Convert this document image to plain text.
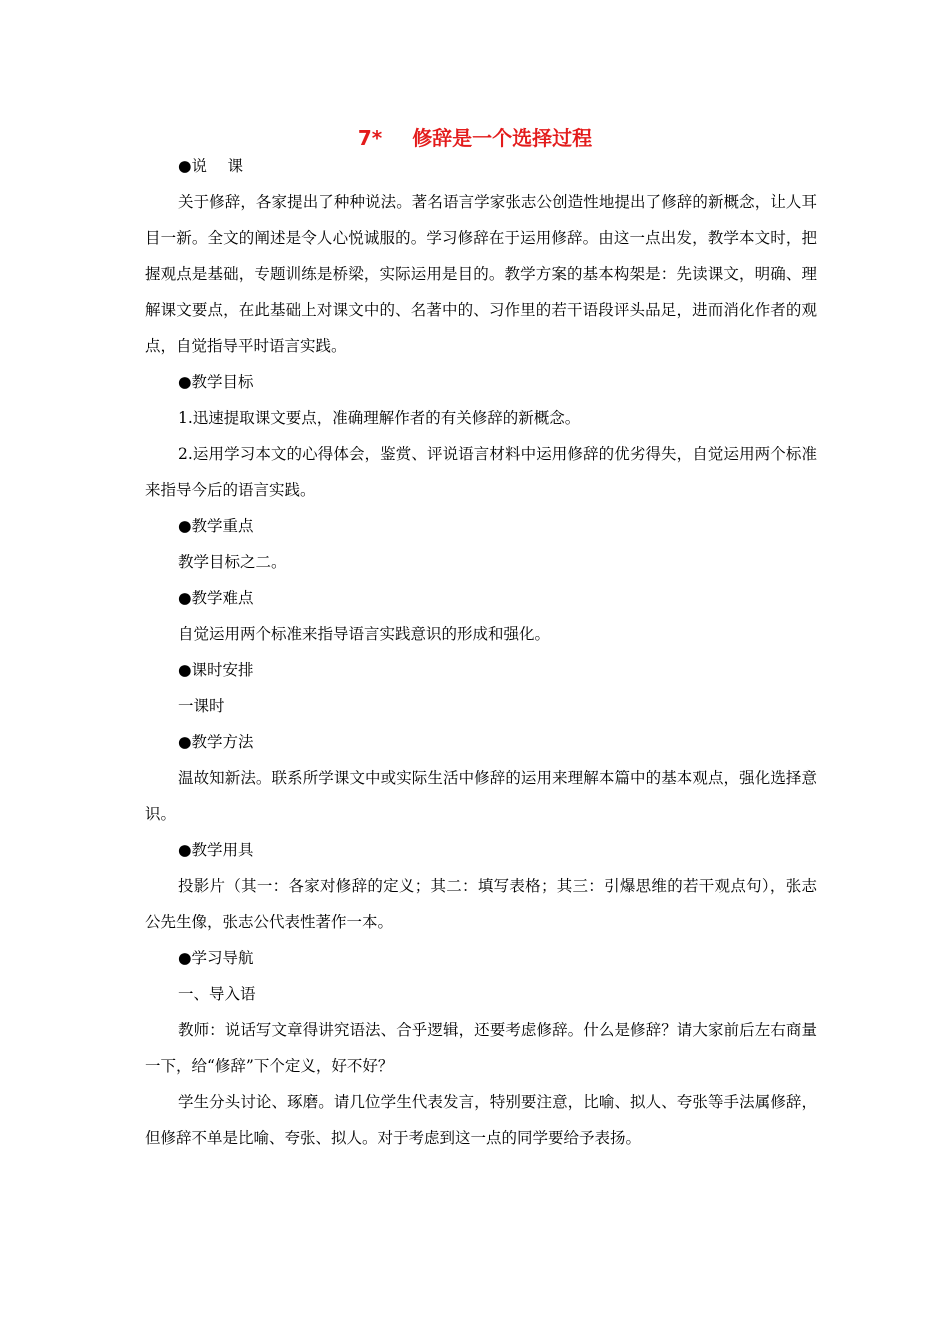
7* 修辞是一个选择过程
●说　 课

关于修辞，各家提出了种种说法。著名语言学家张志公创造性地提出了修辞的新概念，让人耳目一新。全文的阐述是令人心悦诚服的。学习修辞在于运用修辞。由这一点出发，教学本文时，把握观点是基础，专题训练是桥梁，实际运用是目的。教学方案的基本构架是：先读课文，明确、理解课文要点，在此基础上对课文中的、名著中的、习作里的若干语段评头品足，进而消化作者的观点，自觉指导平时语言实践。

●教学目标

1.迅速提取课文要点，准确理解作者的有关修辞的新概念。

2.运用学习本文的心得体会，鉴赏、评说语言材料中运用修辞的优劣得失，自觉运用两个标准来指导今后的语言实践。

●教学重点

教学目标之二。

●教学难点

自觉运用两个标准来指导语言实践意识的形成和强化。

●课时安排

一课时

●教学方法

温故知新法。联系所学课文中或实际生活中修辞的运用来理解本篇中的基本观点，强化选择意识。

●教学用具

投影片（其一：各家对修辞的定义；其二：填写表格；其三：引爆思维的若干观点句），张志公先生像，张志公代表性著作一本。

●学习导航

一、导入语

教师：说话写文章得讲究语法、合乎逻辑，还要考虑修辞。什么是修辞？请大家前后左右商量一下，给“修辞”下个定义，好不好？

学生分头讨论、琢磨。请几位学生代表发言，特别要注意，比喻、拟人、夸张等手法属修辞，但修辞不单是比喻、夸张、拟人。对于考虑到这一点的同学要给予表扬。
